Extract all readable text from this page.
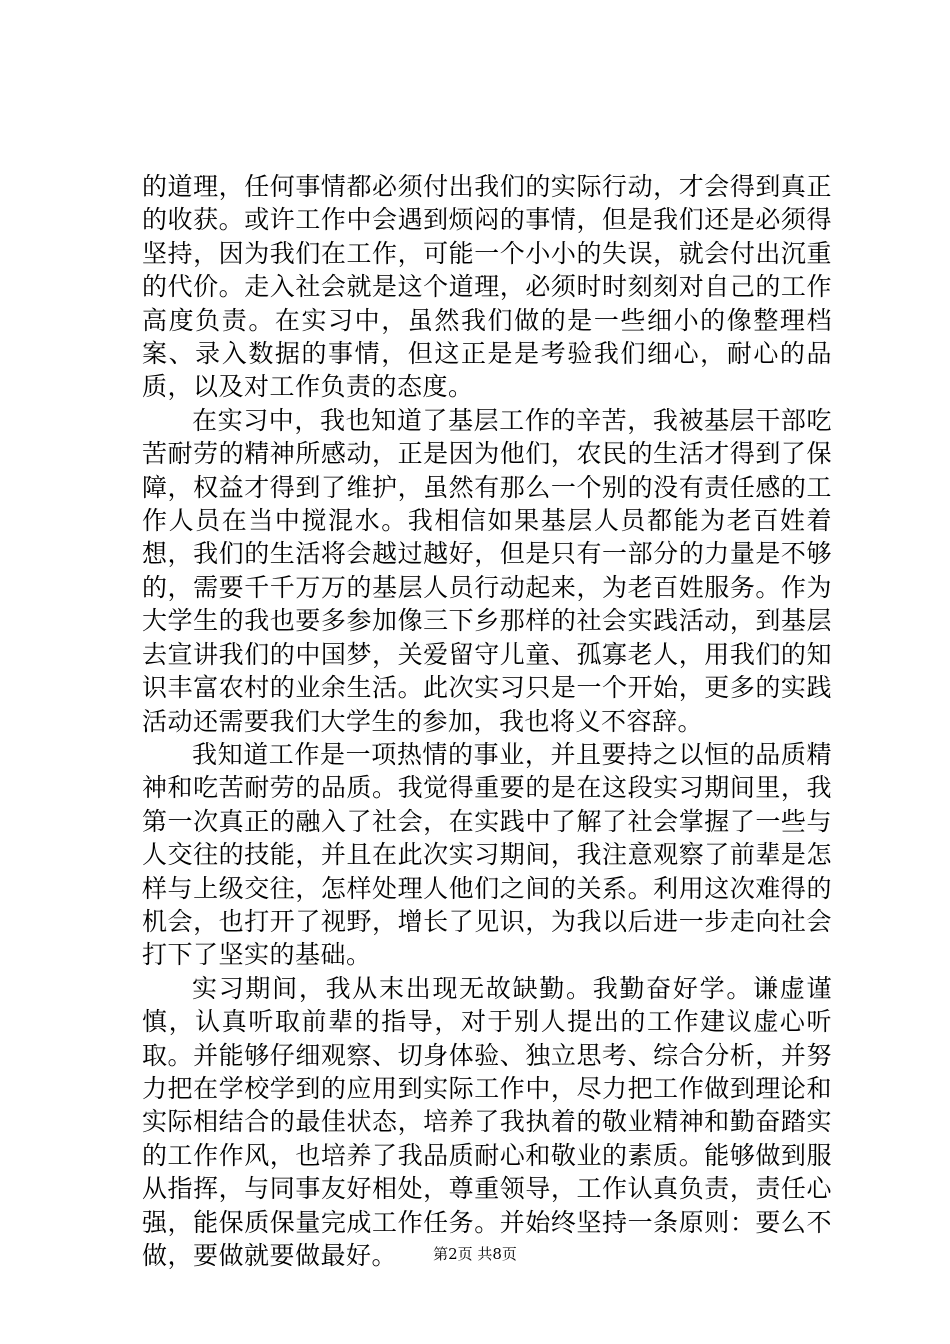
的道理，任何事情都必须付出我们的实际行动，才会得到真正的收获。或许工作中会遇到烦闷的事情，但是我们还是必须得坚持，因为我们在工作，可能一个小小的失误，就会付出沉重的代价。走入社会就是这个道理，必须时时刻刻对自己的工作高度负责。在实习中，虽然我们做的是一些细小的像整理档案、录入数据的事情，但这正是是考验我们细心，耐心的品质，以及对工作负责的态度。

在实习中，我也知道了基层工作的辛苦，我被基层干部吃苦耐劳的精神所感动，正是因为他们，农民的生活才得到了保障，权益才得到了维护，虽然有那么一个别的没有责任感的工作人员在当中搅混水。我相信如果基层人员都能为老百姓着想，我们的生活将会越过越好，但是只有一部分的力量是不够的，需要千千万万的基层人员行动起来，为老百姓服务。作为大学生的我也要多参加像三下乡那样的社会实践活动，到基层去宣讲我们的中国梦，关爱留守儿童、孤寡老人，用我们的知识丰富农村的业余生活。此次实习只是一个开始，更多的实践活动还需要我们大学生的参加，我也将义不容辞。

我知道工作是一项热情的事业，并且要持之以恒的品质精神和吃苦耐劳的品质。我觉得重要的是在这段实习期间里，我第一次真正的融入了社会，在实践中了解了社会掌握了一些与人交往的技能，并且在此次实习期间，我注意观察了前辈是怎样与上级交往，怎样处理人他们之间的关系。利用这次难得的机会，也打开了视野，增长了见识，为我以后进一步走向社会打下了坚实的基础。

实习期间，我从末出现无故缺勤。我勤奋好学。谦虚谨慎，认真听取前辈的指导，对于别人提出的工作建议虚心听取。并能够仔细观察、切身体验、独立思考、综合分析，并努力把在学校学到的应用到实际工作中，尽力把工作做到理论和实际相结合的最佳状态，培养了我执着的敬业精神和勤奋踏实的工作作风，也培养了我品质耐心和敬业的素质。能够做到服从指挥，与同事友好相处，尊重领导，工作认真负责，责任心强，能保质保量完成工作任务。并始终坚持一条原则：要么不做，要做就要做最好。	第2页 共8页
